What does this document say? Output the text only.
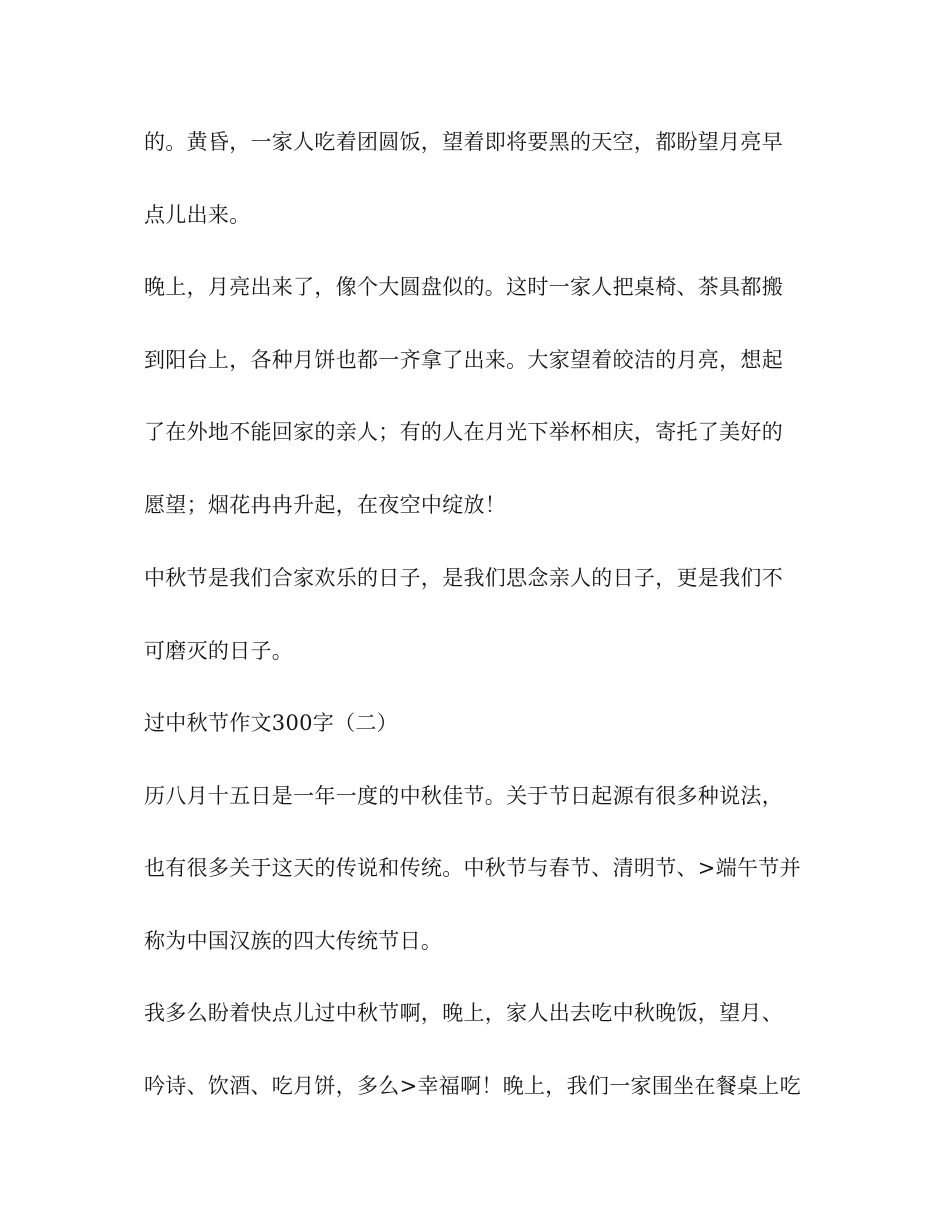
的。黄昏，一家人吃着团圆饭，望着即将要黑的天空，都盼望月亮早

点儿出来。

晚上，月亮出来了，像个大圆盘似的。这时一家人把桌椅、茶具都搬

到阳台上，各种月饼也都一齐拿了出来。大家望着皎洁的月亮，想起

了在外地不能回家的亲人；有的人在月光下举杯相庆，寄托了美好的

愿望；烟花冉冉升起，在夜空中绽放！

中秋节是我们合家欢乐的日子，是我们思念亲人的日子，更是我们不

可磨灭的日子。

过中秋节作文300字（二）

历八月十五日是一年一度的中秋佳节。关于节日起源有很多种说法，

也有很多关于这天的传说和传统。中秋节与春节、清明节、>端午节并

称为中国汉族的四大传统节日。

我多么盼着快点儿过中秋节啊，晚上，家人出去吃中秋晚饭，望月、

吟诗、饮酒、吃月饼，多么>幸福啊！晚上，我们一家围坐在餐桌上吃
